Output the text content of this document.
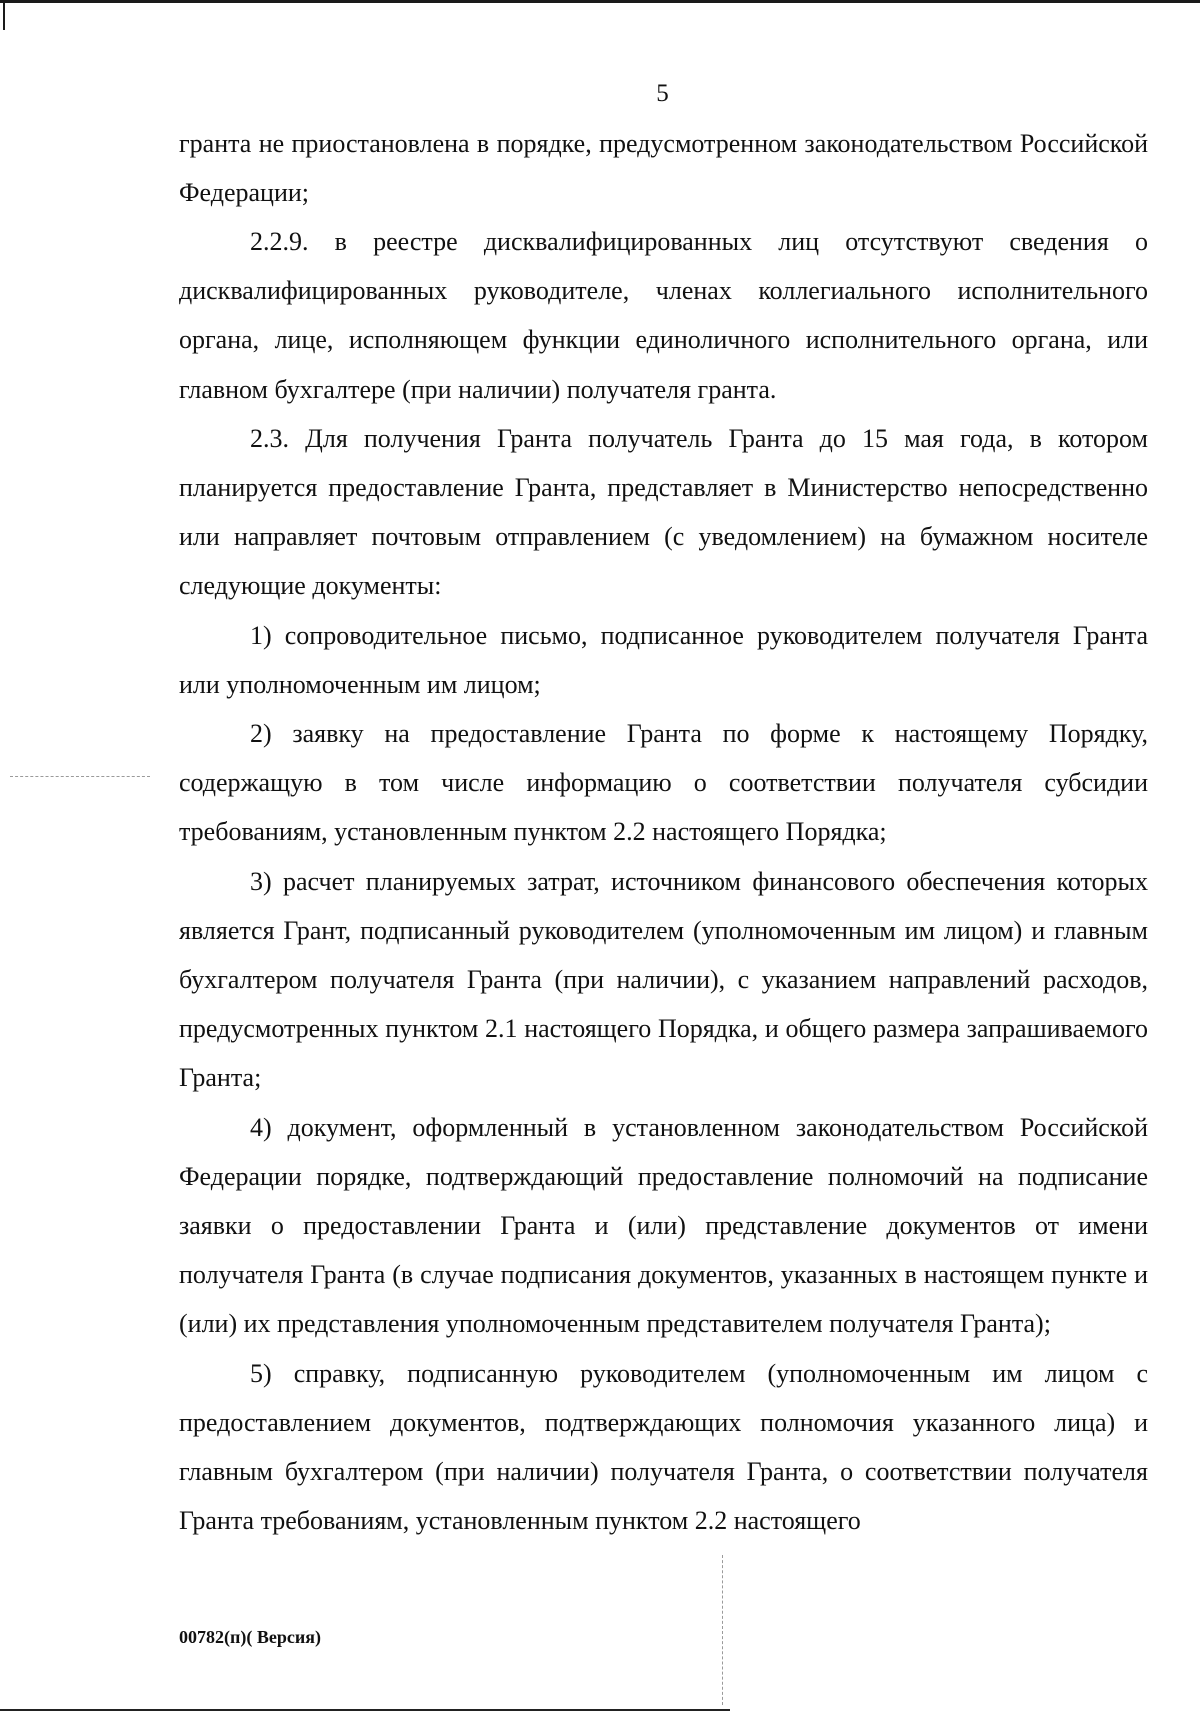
5

гранта не приостановлена в порядке, предусмотренном законодательством Российской Федерации;

2.2.9. в реестре дисквалифицированных лиц отсутствуют сведения о дисквалифицированных руководителе, членах коллегиального исполнительного органа, лице, исполняющем функции единоличного исполнительного органа, или главном бухгалтере (при наличии) получателя гранта.

2.3. Для получения Гранта получатель Гранта до 15 мая года, в котором планируется предоставление Гранта, представляет в Министерство непосредственно или направляет почтовым отправлением (с уведомлением) на бумажном носителе следующие документы:

1) сопроводительное письмо, подписанное руководителем получателя Гранта или уполномоченным им лицом;

2) заявку на предоставление Гранта по форме к настоящему Порядку, содержащую в том числе информацию о соответствии получателя субсидии требованиям, установленным пунктом 2.2 настоящего Порядка;

3) расчет планируемых затрат, источником финансового обеспечения которых является Грант, подписанный руководителем (уполномоченным им лицом) и главным бухгалтером получателя Гранта (при наличии), с указанием направлений расходов, предусмотренных пунктом 2.1 настоящего Порядка, и общего размера запрашиваемого Гранта;

4) документ, оформленный в установленном законодательством Российской Федерации порядке, подтверждающий предоставление полномочий на подписание заявки о предоставлении Гранта и (или) представление документов от имени получателя Гранта (в случае подписания документов, указанных в настоящем пункте и (или) их представления уполномоченным представителем получателя Гранта);

5) справку, подписанную руководителем (уполномоченным им лицом с предоставлением документов, подтверждающих полномочия указанного лица) и главным бухгалтером (при наличии) получателя Гранта, о соответствии получателя Гранта требованиям, установленным пунктом 2.2 настоящего

00782(п)( Версия)
